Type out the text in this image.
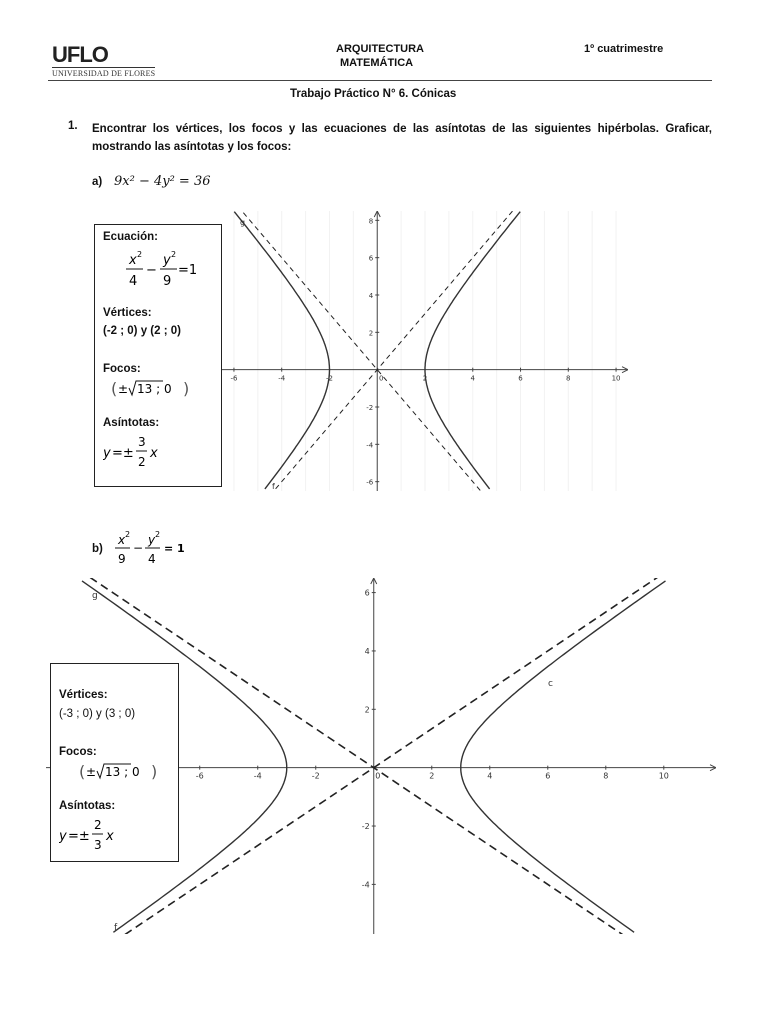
UFLO
UNIVERSIDAD DE FLORES
ARQUITECTURA
MATEMÁTICA
1º cuatrimestre
Trabajo Práctico N° 6. Cónicas
1. Encontrar los vértices, los focos y las ecuaciones de las asíntotas de las siguientes hipérbolas. Graficar,
mostrando las asíntotas y los focos:
a) 9x² − 4y² = 36
-6	-4	-2	0	2	4	6	8	10
-6
-4
-2
2
4
6
8
g
f
Ecuación:
x 2
4
−
y 2
9
=1
Vértices:
(-2 ; 0) y (2 ; 0)
Focos:
( ± 13 ; 0 )
Asíntotas:
y =±
3
2
x
b)
x 2
9
−
y 2
4
= 1
-6	-4	-2	0	2	4	6	8	10
-4
-2
2
4
6
g
c
f
Vértices:
(-3 ; 0) y (3 ; 0)
Focos:
( ± 13 ; 0 )
Asíntotas:
y =±
2
3
x
